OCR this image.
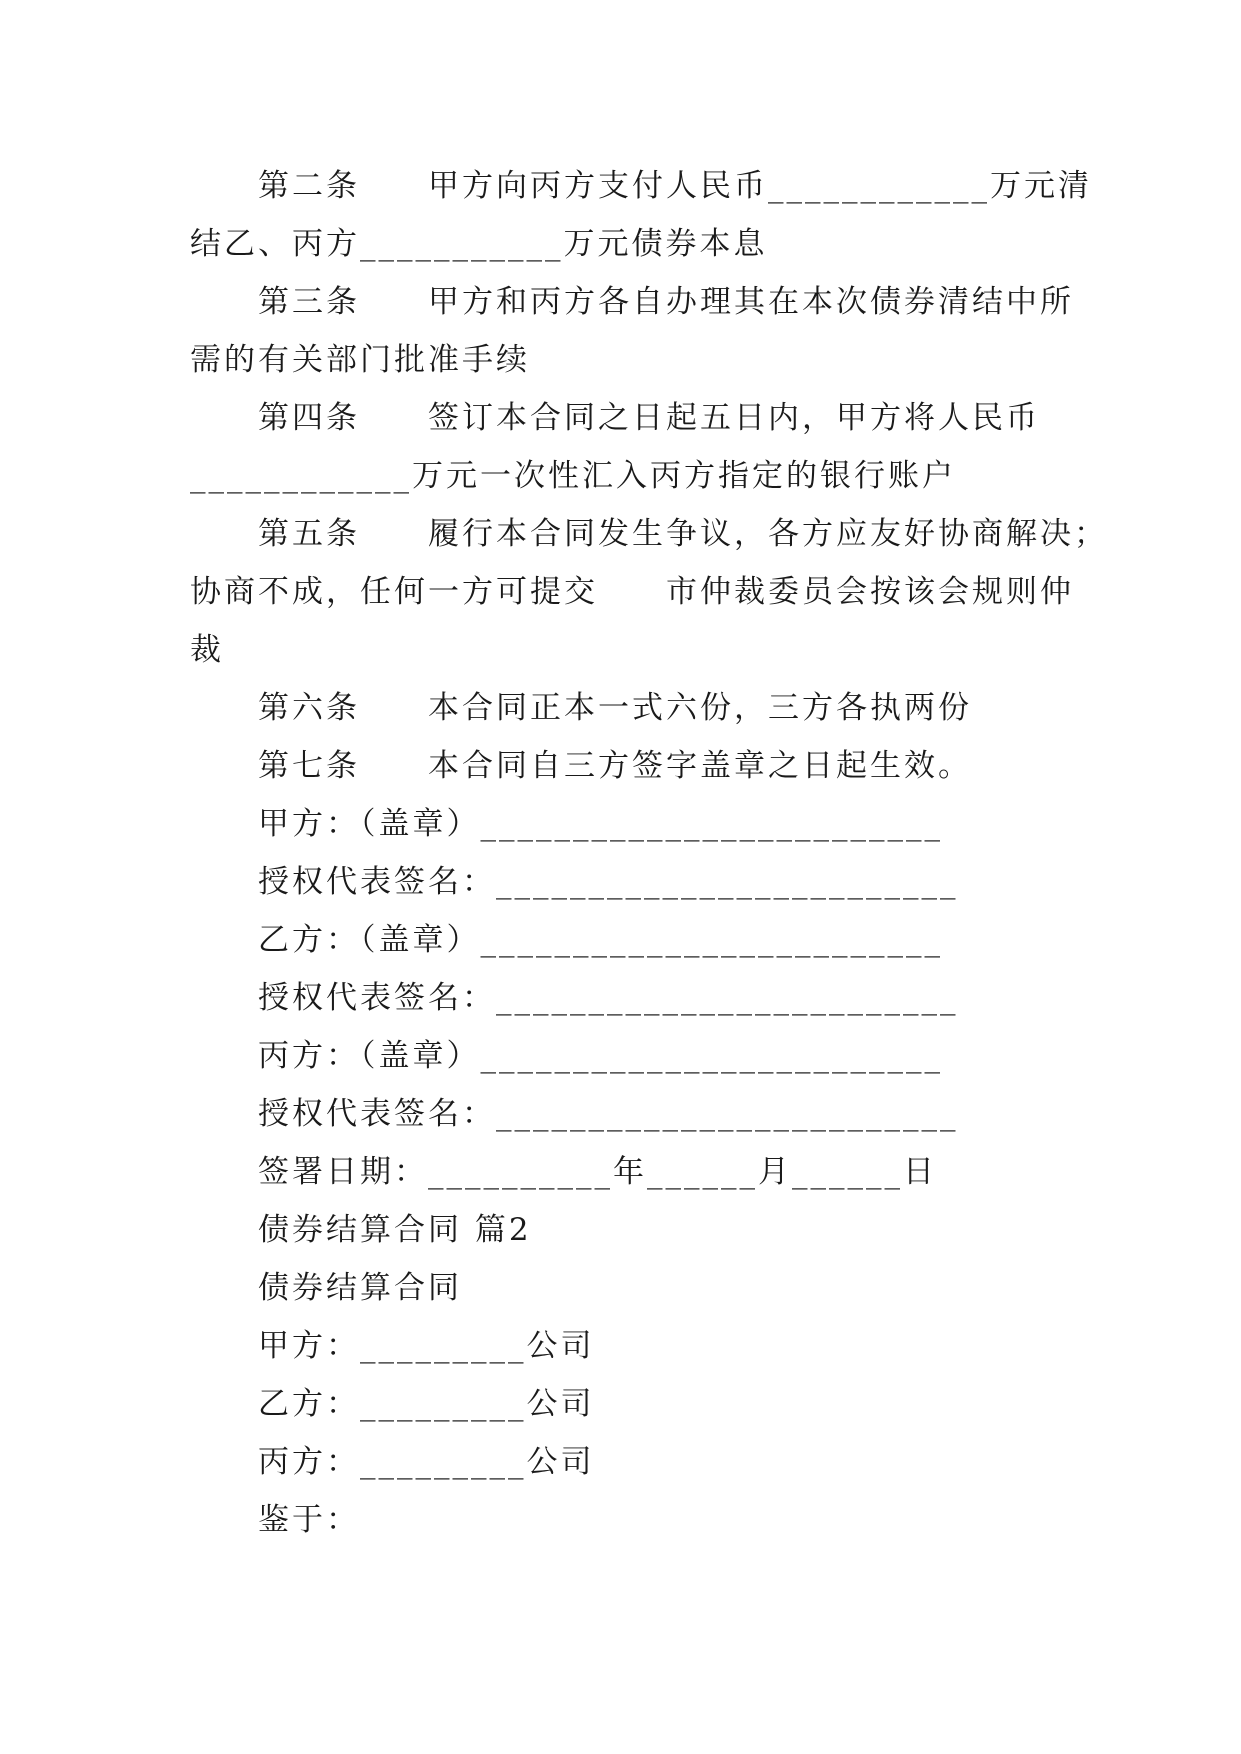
第二条　　甲方向丙方支付人民币____________万元清
结乙、丙方___________万元债券本息
第三条　　甲方和丙方各自办理其在本次债券清结中所
需的有关部门批准手续
第四条　　签订本合同之日起五日内，甲方将人民币
____________万元一次性汇入丙方指定的银行账户
第五条　　履行本合同发生争议，各方应友好协商解决；
协商不成，任何一方可提交　　市仲裁委员会按该会规则仲
裁
第六条　　本合同正本一式六份，三方各执两份
第七条　　本合同自三方签字盖章之日起生效。
甲方：（盖章）_________________________
授权代表签名：_________________________
乙方：（盖章）_________________________
授权代表签名：_________________________
丙方：（盖章）_________________________
授权代表签名：_________________________
签署日期：__________年______月______日
债券结算合同 篇2
债券结算合同
甲方：_________公司
乙方：_________公司
丙方：_________公司
鉴于：
